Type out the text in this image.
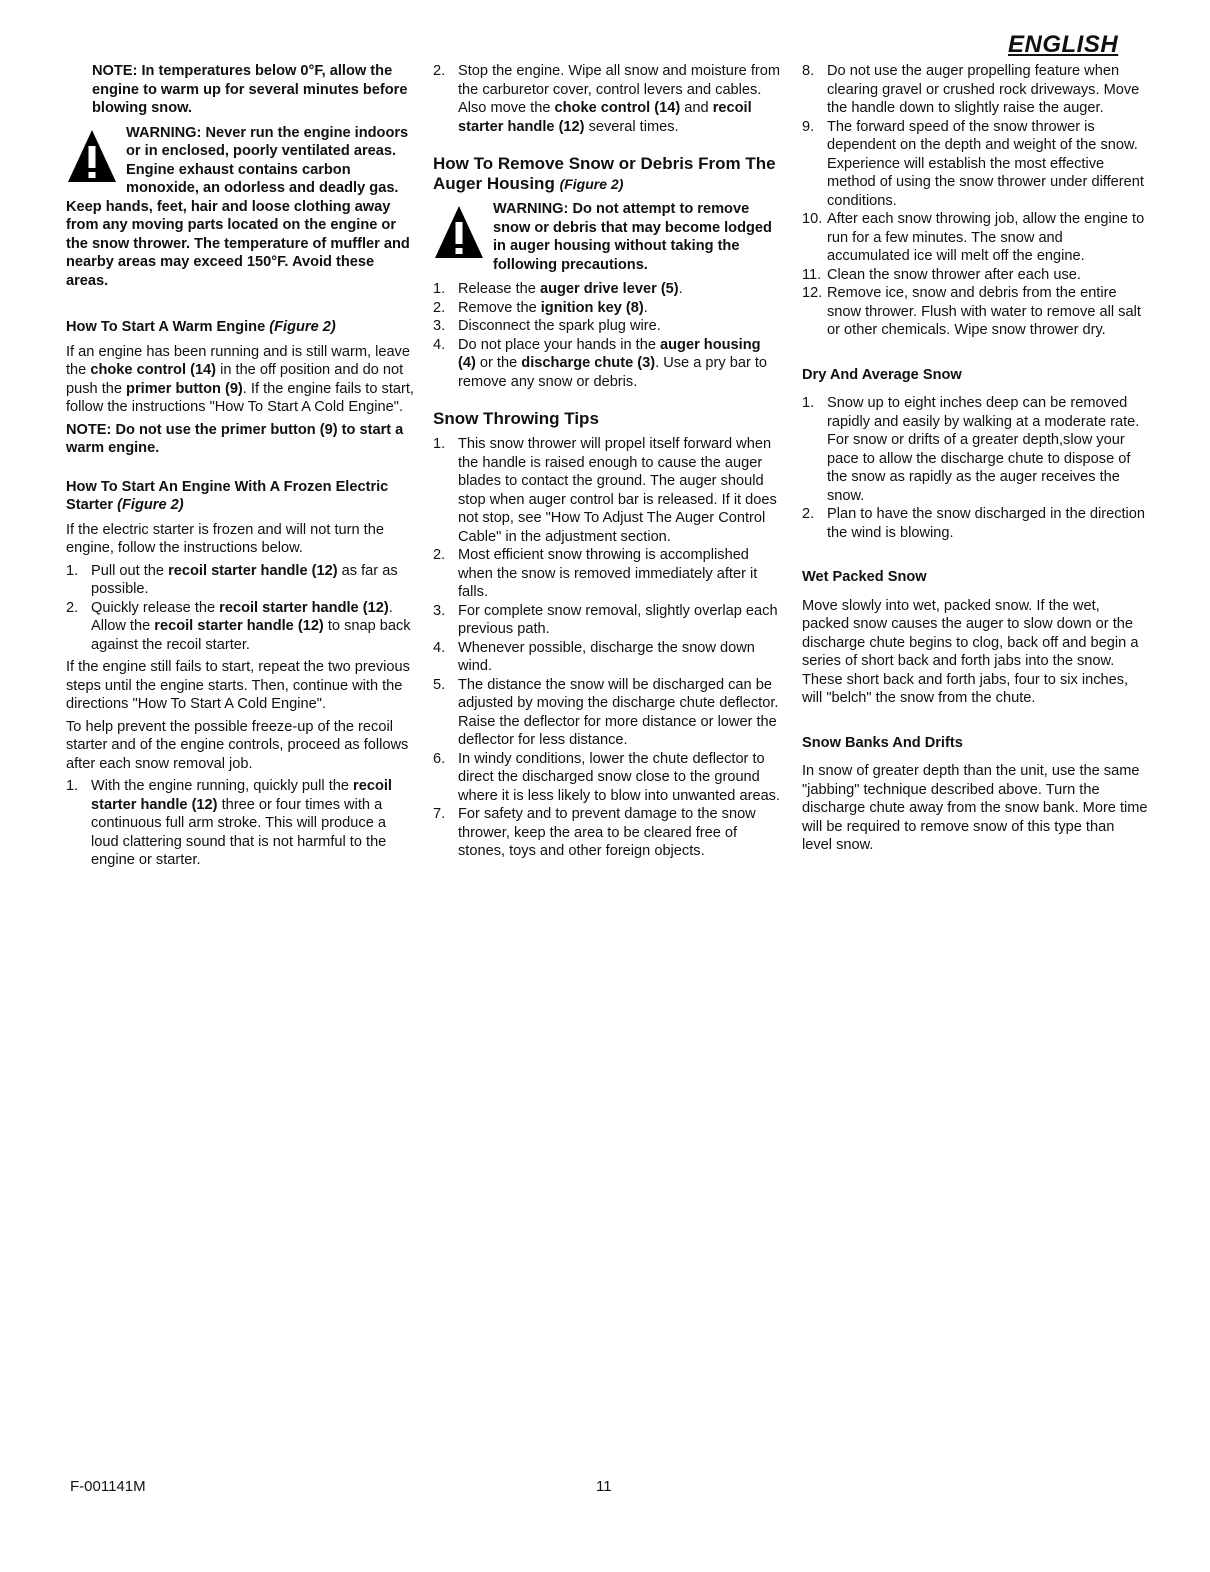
ENGLISH

NOTE: In temperatures below 0°F, allow the engine to warm up for several minutes before blowing snow.

WARNING: Never run the engine indoors or in enclosed, poorly ventilated areas. Engine exhaust contains carbon monoxide, an odorless and deadly gas. Keep hands, feet, hair and loose clothing away from any moving parts located on the engine or the snow thrower. The temperature of muffler and nearby areas may exceed 150°F. Avoid these areas.

How To Start A Warm Engine (Figure 2)

If an engine has been running and is still warm, leave the choke control (14) in the off position and do not push the primer button (9). If the engine fails to start, follow the instructions "How To Start A Cold Engine".

NOTE: Do not use the primer button (9) to start a warm engine.

How To Start An Engine With A Frozen Electric Starter (Figure 2)

If the electric starter is frozen and will not turn the engine, follow the instructions below.

1. Pull out the recoil starter handle (12) as far as possible.
2. Quickly release the recoil starter handle (12). Allow the recoil starter handle (12) to snap back against the recoil starter.

If the engine still fails to start, repeat the two previous steps until the engine starts. Then, continue with the directions "How To Start A Cold Engine".

To help prevent the possible freeze-up of the recoil starter and of the engine controls, proceed as follows after each snow removal job.

1. With the engine running, quickly pull the recoil starter handle (12) three or four times with a continuous full arm stroke. This will produce a loud clattering sound that is not harmful to the engine or starter.
2. Stop the engine. Wipe all snow and moisture from the carburetor cover, control levers and cables. Also move the choke control (14) and recoil starter handle (12) several times.

How To Remove Snow or Debris From The Auger Housing (Figure 2)

WARNING: Do not attempt to remove snow or debris that may become lodged in auger housing without taking the following precautions.

1. Release the auger drive lever (5).
2. Remove the ignition key (8).
3. Disconnect the spark plug wire.
4. Do not place your hands in the auger housing (4) or the discharge chute (3). Use a pry bar to remove any snow or debris.

Snow Throwing Tips

1. This snow thrower will propel itself forward when the handle is raised enough to cause the auger blades to contact the ground. The auger should stop when auger control bar is released. If it does not stop, see "How To Adjust The Auger Control Cable" in the adjustment section.
2. Most efficient snow throwing is accomplished when the snow is removed immediately after it falls.
3. For complete snow removal, slightly overlap each previous path.
4. Whenever possible, discharge the snow down wind.
5. The distance the snow will be discharged can be adjusted by moving the discharge chute deflector. Raise the deflector for more distance or lower the deflector for less distance.
6. In windy conditions, lower the chute deflector to direct the discharged snow close to the ground where it is less likely to blow into unwanted areas.
7. For safety and to prevent damage to the snow thrower, keep the area to be cleared free of stones, toys and other foreign objects.
8. Do not use the auger propelling feature when clearing gravel or crushed rock driveways. Move the handle down to slightly raise the auger.
9. The forward speed of the snow thrower is dependent on the depth and weight of the snow. Experience will establish the most effective method of using the snow thrower under different conditions.
10. After each snow throwing job, allow the engine to run for a few minutes. The snow and accumulated ice will melt off the engine.
11. Clean the snow thrower after each use.
12. Remove ice, snow and debris from the entire snow thrower. Flush with water to remove all salt or other chemicals. Wipe snow thrower dry.

Dry And Average Snow

1. Snow up to eight inches deep can be removed rapidly and easily by walking at a moderate rate. For snow or drifts of a greater depth,slow your pace to allow the discharge chute to dispose of the snow as rapidly as the auger receives the snow.
2. Plan to have the snow discharged in the direction the wind is blowing.

Wet Packed Snow

Move slowly into wet, packed snow. If the wet, packed snow causes the auger to slow down or the discharge chute begins to clog, back off and begin a series of short back and forth jabs into the snow. These short back and forth jabs, four to six inches, will "belch" the snow from the chute.

Snow Banks And Drifts

In snow of greater depth than the unit, use the same "jabbing" technique described above. Turn the discharge chute away from the snow bank. More time will be required to remove snow of this type than level snow.

F-001141M	11
